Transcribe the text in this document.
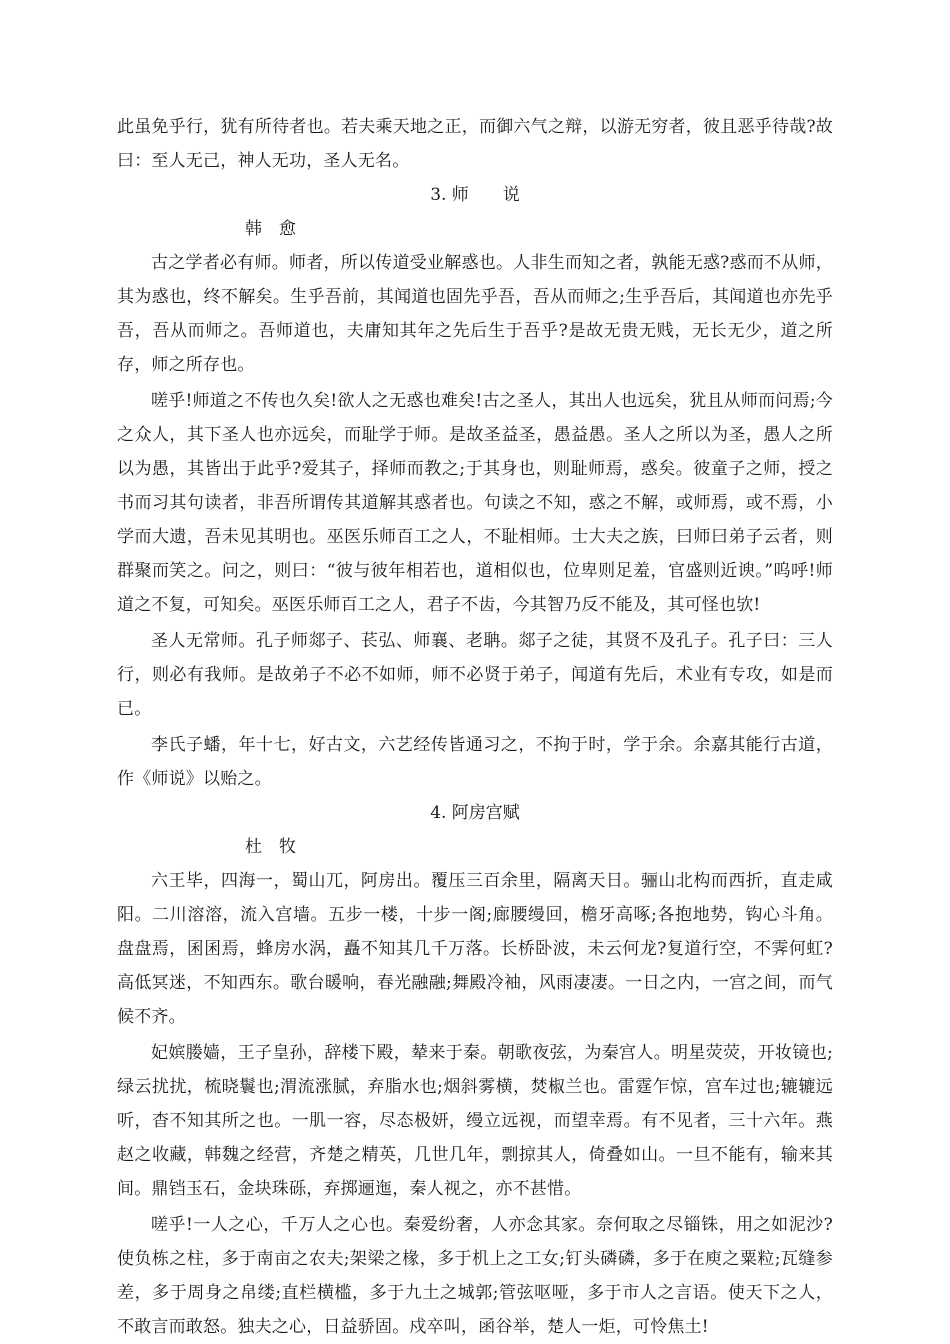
此虽免乎行，犹有所待者也。若夫乘天地之正，而御六气之辩，以游无穷者，彼且恶乎待哉?故曰：至人无己，神人无功，圣人无名。

3. 师　　说

韩　愈

古之学者必有师。师者，所以传道受业解惑也。人非生而知之者，孰能无惑?惑而不从师，其为惑也，终不解矣。生乎吾前，其闻道也固先乎吾，吾从而师之;生乎吾后，其闻道也亦先乎吾，吾从而师之。吾师道也，夫庸知其年之先后生于吾乎?是故无贵无贱，无长无少，道之所存，师之所存也。

嗟乎!师道之不传也久矣!欲人之无惑也难矣!古之圣人，其出人也远矣，犹且从师而问焉;今之众人，其下圣人也亦远矣，而耻学于师。是故圣益圣，愚益愚。圣人之所以为圣，愚人之所以为愚，其皆出于此乎?爱其子，择师而教之;于其身也，则耻师焉，惑矣。彼童子之师，授之书而习其句读者，非吾所谓传其道解其惑者也。句读之不知，惑之不解，或师焉，或不焉，小学而大遗，吾未见其明也。巫医乐师百工之人，不耻相师。士大夫之族，曰师曰弟子云者，则群聚而笑之。问之，则曰：“彼与彼年相若也，道相似也，位卑则足羞，官盛则近谀。”呜呼!师道之不复，可知矣。巫医乐师百工之人，君子不齿，今其智乃反不能及，其可怪也欤!

圣人无常师。孔子师郯子、苌弘、师襄、老聃。郯子之徒，其贤不及孔子。孔子曰：三人行，则必有我师。是故弟子不必不如师，师不必贤于弟子，闻道有先后，术业有专攻，如是而已。

李氏子蟠，年十七，好古文，六艺经传皆通习之，不拘于时，学于余。余嘉其能行古道，作《师说》以贻之。

4. 阿房宫赋

杜　牧

六王毕，四海一，蜀山兀，阿房出。覆压三百余里，隔离天日。骊山北构而西折，直走咸阳。二川溶溶，流入宫墙。五步一楼，十步一阁;廊腰缦回，檐牙高啄;各抱地势，钩心斗角。盘盘焉，囷囷焉，蜂房水涡，矗不知其几千万落。长桥卧波，未云何龙?复道行空，不霁何虹?高低冥迷，不知西东。歌台暖响，春光融融;舞殿冷袖，风雨凄凄。一日之内，一宫之间，而气候不齐。

妃嫔媵嫱，王子皇孙，辞楼下殿，辇来于秦。朝歌夜弦，为秦宫人。明星荧荧，开妆镜也;绿云扰扰，梳晓鬟也;渭流涨腻，弃脂水也;烟斜雾横，焚椒兰也。雷霆乍惊，宫车过也;辘辘远听，杳不知其所之也。一肌一容，尽态极妍，缦立远视，而望幸焉。有不见者，三十六年。燕赵之收藏，韩魏之经营，齐楚之精英，几世几年，剽掠其人，倚叠如山。一旦不能有，输来其间。鼎铛玉石，金块珠砾，弃掷逦迤，秦人视之，亦不甚惜。

嗟乎!一人之心，千万人之心也。秦爱纷奢，人亦念其家。奈何取之尽锱铢，用之如泥沙?使负栋之柱，多于南亩之农夫;架梁之椽，多于机上之工女;钉头磷磷，多于在庾之粟粒;瓦缝参差，多于周身之帛缕;直栏横槛，多于九土之城郭;管弦呕哑，多于市人之言语。使天下之人，不敢言而敢怒。独夫之心，日益骄固。戍卒叫，函谷举，楚人一炬，可怜焦土!
